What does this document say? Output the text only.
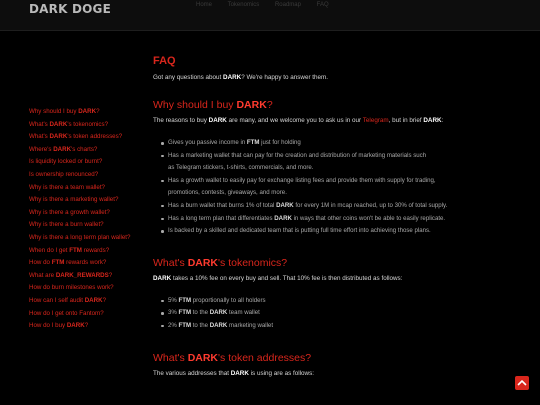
DARK DOGE	Home	Tokenomics	Roadmap	FAQ
Why should I buy DARK?
What's DARK's tokenomics?
What's DARK's token addresses?
Where's DARK's charts?
Is liquidity locked or burnt?
Is ownership renounced?
Why is there a team wallet?
Why is there a marketing wallet?
Why is there a growth wallet?
Why is there a burn wallet?
Why is there a long term plan wallet?
When do I get FTM rewards?
How do FTM rewards work?
What are DARK_REWARDS?
How do burn milestones work?
How can I self audit DARK?
How do I get onto Fantom?
How do I buy DARK?
FAQ

Got any questions about DARK? We're happy to answer them.

Why should I buy DARK?

The reasons to buy DARK are many, and we welcome you to ask us in our Telegram, but in brief DARK:

Gives you passive income in FTM just for holding
Has a marketing wallet that can pay for the creation and distribution of marketing materials such
as Telegram stickers, t-shirts, commercials, and more.
Has a growth wallet to easily pay for exchange listing fees and provide them with supply for trading,
promotions, contests, giveaways, and more.
Has a burn wallet that burns 1% of total DARK for every 1M in mcap reached, up to 30% of total supply.
Has a long term plan that differentiates DARK in ways that other coins won't be able to easily replicate.
Is backed by a skilled and dedicated team that is putting full time effort into achieving those plans.
What's DARK's tokenomics?

DARK takes a 10% fee on every buy and sell. That 10% fee is then distributed as follows:

5% FTM proportionally to all holders
3% FTM to the DARK team wallet
2% FTM to the DARK marketing wallet
What's DARK's token addresses?

The various addresses that DARK is using are as follows:
